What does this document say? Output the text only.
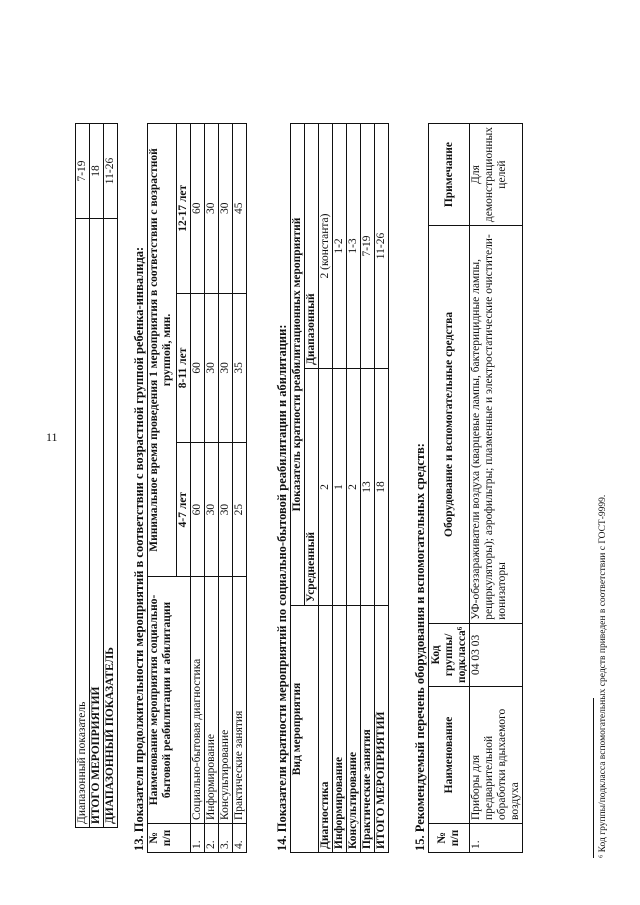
11
Диапазонный показатель	7-19
ИТОГО МЕРОПРИЯТИЙ	18
ДИАПАЗОННЫЙ ПОКАЗАТЕЛЬ	11-26
13. Показатели продолжительности мероприятий в соответствии с возрастной группой ребенка-инвалида: № п/п	Наименование мероприятия социально-бытовой реабилитации и абилитации	Минимальное время проведения 1 мероприятия в соответствии с возрастной группой, мин.		
		4-7 лет	8-11 лет	12-17 лет
1.	Социально-бытовая диагностика	60	60	60
2.	Информирование	30	30	30
3.	Консультирование	30	30	30
4.	Практические занятия	25	35	45
14. Показатели кратности мероприятий по социально-бытовой реабилитации и абилитации: Вид мероприятия	Показатель кратности реабилитационных мероприятий	
	Усредненный	Диапазонный
Диагностика	2	2 (константа)
Информирование	1	1-2
Консультирование	2	1-3
Практические занятия	13	7-19
ИТОГО МЕРОПРИЯТИЙ	18	11-26
15. Рекомендуемый перечень оборудования и вспомогательных средств: № п/п	Наименование	Код группы/подкласса⁶	Оборудование и вспомогательные средства	Примечание
1.	Приборы для предварительной обработки вдыхаемого воздуха	04 03 03	УФ-обеззараживатели воздуха (кварцевые лампы, бактерицидные лампы, рециркуляторы); аэрофильтры; плазменные и электростатические очистители-ионизаторы	Для демонстрационных целей
⁶ Код группы/подкласса вспомогательных средств приведен в соответствии с ГОСТ-9999.
